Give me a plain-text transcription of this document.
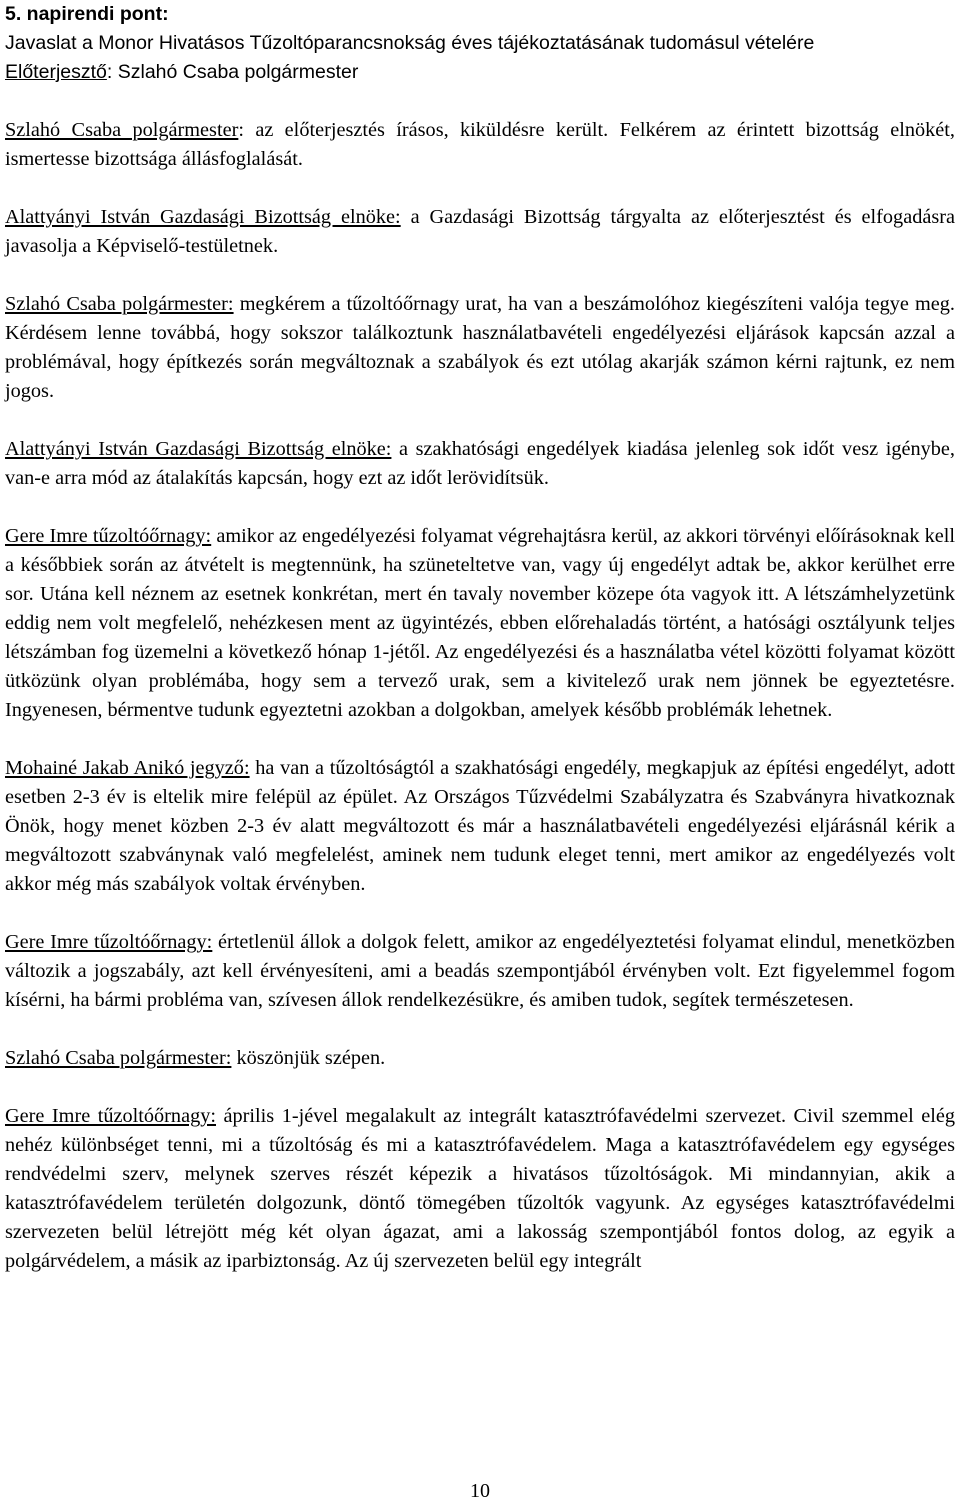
5. napirendi pont:
Javaslat a Monor Hivatásos Tűzoltóparancsnokság éves tájékoztatásának tudomásul vételére
Előterjesztő: Szlahó Csaba polgármester

Szlahó Csaba polgármester: az előterjesztés írásos, kiküldésre került. Felkérem az érintett bizottság elnökét, ismertesse bizottsága állásfoglalását.

Alattyányi István Gazdasági Bizottság elnöke: a Gazdasági Bizottság tárgyalta az előterjesztést és elfogadásra javasolja a Képviselő-testületnek.

Szlahó Csaba polgármester: megkérem a tűzoltóőrnagy urat, ha van a beszámolóhoz kiegészíteni valója tegye meg. Kérdésem lenne továbbá, hogy sokszor találkoztunk használatbavételi engedélyezési eljárások kapcsán azzal a problémával, hogy építkezés során megváltoznak a szabályok és ezt utólag akarják számon kérni rajtunk, ez nem jogos.

Alattyányi István Gazdasági Bizottság elnöke: a szakhatósági engedélyek kiadása jelenleg sok időt vesz igénybe, van-e arra mód az átalakítás kapcsán, hogy ezt az időt lerövidítsük.

Gere Imre tűzoltóőrnagy: amikor az engedélyezési folyamat végrehajtásra kerül, az akkori törvényi előírásoknak kell a későbbiek során az átvételt is megtennünk, ha szüneteltetve van, vagy új engedélyt adtak be, akkor kerülhet erre sor. Utána kell néznem az esetnek konkrétan, mert én tavaly november közepe óta vagyok itt. A létszámhelyzetünk eddig nem volt megfelelő, nehézkesen ment az ügyintézés, ebben előrehaladás történt, a hatósági osztályunk teljes létszámban fog üzemelni a következő hónap 1-jétől. Az engedélyezési és a használatba vétel közötti folyamat között ütközünk olyan problémába, hogy sem a tervező urak, sem a kivitelező urak nem jönnek be egyeztetésre. Ingyenesen, bérmentve tudunk egyeztetni azokban a dolgokban, amelyek később problémák lehetnek.

Mohainé Jakab Anikó jegyző: ha van a tűzoltóságtól a szakhatósági engedély, megkapjuk az építési engedélyt, adott esetben 2-3 év is eltelik mire felépül az épület. Az Országos Tűzvédelmi Szabályzatra és Szabványra hivatkoznak Önök, hogy menet közben 2-3 év alatt megváltozott és már a használatbavételi engedélyezési eljárásnál kérik a megváltozott szabványnak való megfelelést, aminek nem tudunk eleget tenni, mert amikor az engedélyezés volt akkor még más szabályok voltak érvényben.

Gere Imre tűzoltóőrnagy: értetlenül állok a dolgok felett, amikor az engedélyeztetési folyamat elindul, menetközben változik a jogszabály, azt kell érvényesíteni, ami a beadás szempontjából érvényben volt. Ezt figyelemmel fogom kísérni, ha bármi probléma van, szívesen állok rendelkezésükre, és amiben tudok, segítek természetesen.

Szlahó Csaba polgármester: köszönjük szépen.

Gere Imre tűzoltóőrnagy: április 1-jével megalakult az integrált katasztrófavédelmi szervezet. Civil szemmel elég nehéz különbséget tenni, mi a tűzoltóság és mi a katasztrófavédelem. Maga a katasztrófavédelem egy egységes rendvédelmi szerv, melynek szerves részét képezik a hivatásos tűzoltóságok. Mi mindannyian, akik a katasztrófavédelem területén dolgozunk, döntő tömegében tűzoltók vagyunk. Az egységes katasztrófavédelmi szervezeten belül létrejött még két olyan ágazat, ami a lakosság szempontjából fontos dolog, az egyik a polgárvédelem, a másik az iparbiztonság. Az új szervezeten belül egy integrált

10
